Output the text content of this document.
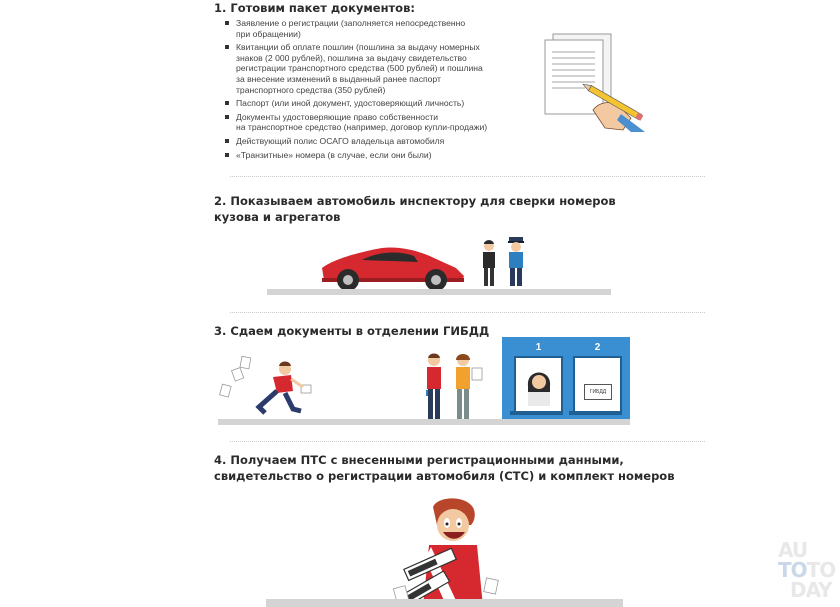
1. Готовим пакет документов:
Заявление о регистрации (заполняется непосредственно
при обращении)
Квитанции об оплате пошлин (пошлина за выдачу номерных
знаков (2 000 рублей), пошлина за выдачу свидетельство
регистрации транспортного средства (500 рублей) и пошлина
за внесение изменений в выданный ранее паспорт
транспортного средства (350 рублей)
Паспорт (или иной документ, удостоверяющий личность)
Документы удостоверяющие право собственности
на транспортное средство (например, договор купли-продажи)
Действующий полис ОСАГО владельца автомобиля
«Транзитные» номера (в случае, если они были)
2. Показываем автомобиль инспектору для сверки номеров
кузова и агрегатов
3. Сдаем документы в отделении ГИБДД
1	2
ГИБДД
4. Получаем ПТС с внесенными регистрационными данными,
свидетельство о регистрации автомобиля (СТС) и комплект номеров
AU
TOTO
DAY
